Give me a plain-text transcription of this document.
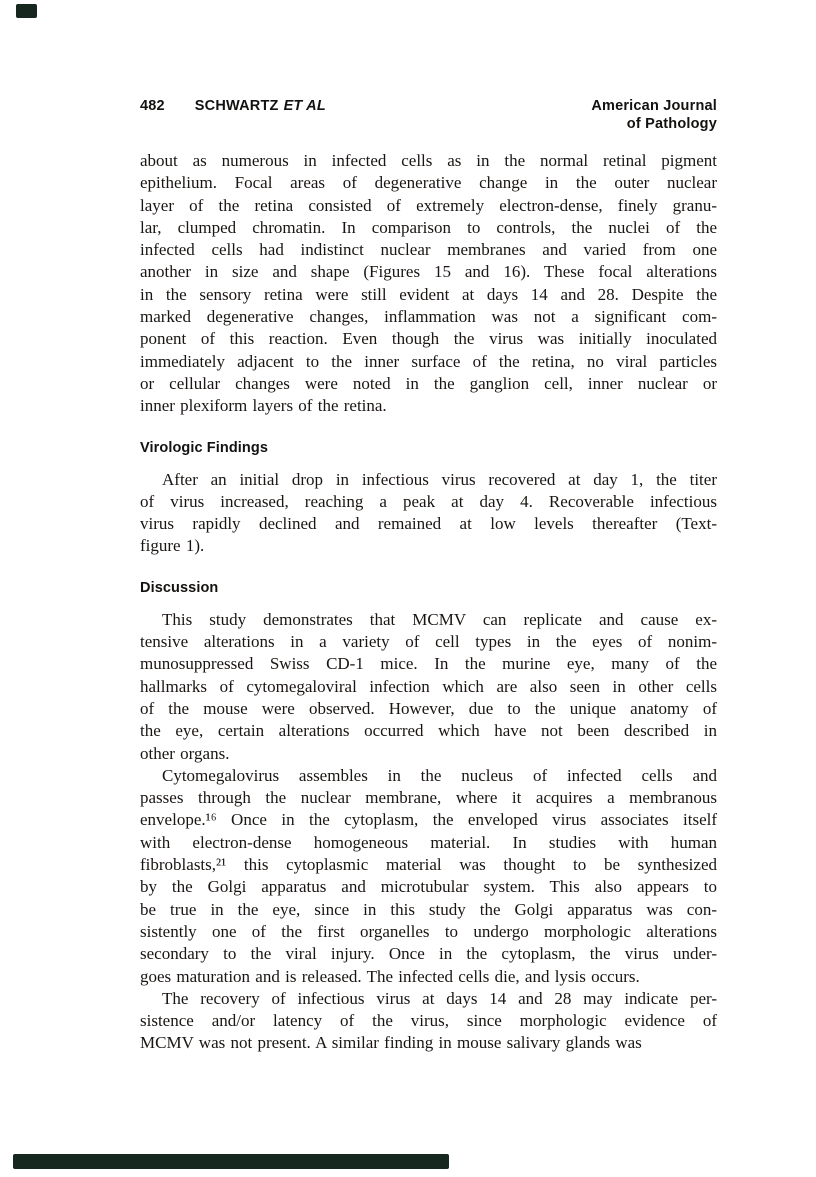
482 SCHWARTZ ET AL	American Journal
of Pathology
about as numerous in infected cells as in the normal retinal pigment
epithelium. Focal areas of degenerative change in the outer nuclear
layer of the retina consisted of extremely electron-dense, finely granu-
lar, clumped chromatin. In comparison to controls, the nuclei of the
infected cells had indistinct nuclear membranes and varied from one
another in size and shape (Figures 15 and 16). These focal alterations
in the sensory retina were still evident at days 14 and 28. Despite the
marked degenerative changes, inflammation was not a significant com-
ponent of this reaction. Even though the virus was initially inoculated
immediately adjacent to the inner surface of the retina, no viral particles
or cellular changes were noted in the ganglion cell, inner nuclear or
inner plexiform layers of the retina.
Virologic Findings
After an initial drop in infectious virus recovered at day 1, the titer
of virus increased, reaching a peak at day 4. Recoverable infectious
virus rapidly declined and remained at low levels thereafter (Text-
figure 1).
Discussion
This study demonstrates that MCMV can replicate and cause ex-
tensive alterations in a variety of cell types in the eyes of nonim-
munosuppressed Swiss CD-1 mice. In the murine eye, many of the
hallmarks of cytomegaloviral infection which are also seen in other cells
of the mouse were observed. However, due to the unique anatomy of
the eye, certain alterations occurred which have not been described in
other organs.
Cytomegalovirus assembles in the nucleus of infected cells and
passes through the nuclear membrane, where it acquires a membranous
envelope.¹⁶ Once in the cytoplasm, the enveloped virus associates itself
with electron-dense homogeneous material. In studies with human
fibroblasts,²¹ this cytoplasmic material was thought to be synthesized
by the Golgi apparatus and microtubular system. This also appears to
be true in the eye, since in this study the Golgi apparatus was con-
sistently one of the first organelles to undergo morphologic alterations
secondary to the viral injury. Once in the cytoplasm, the virus under-
goes maturation and is released. The infected cells die, and lysis occurs.
The recovery of infectious virus at days 14 and 28 may indicate per-
sistence and/or latency of the virus, since morphologic evidence of
MCMV was not present. A similar finding in mouse salivary glands was
